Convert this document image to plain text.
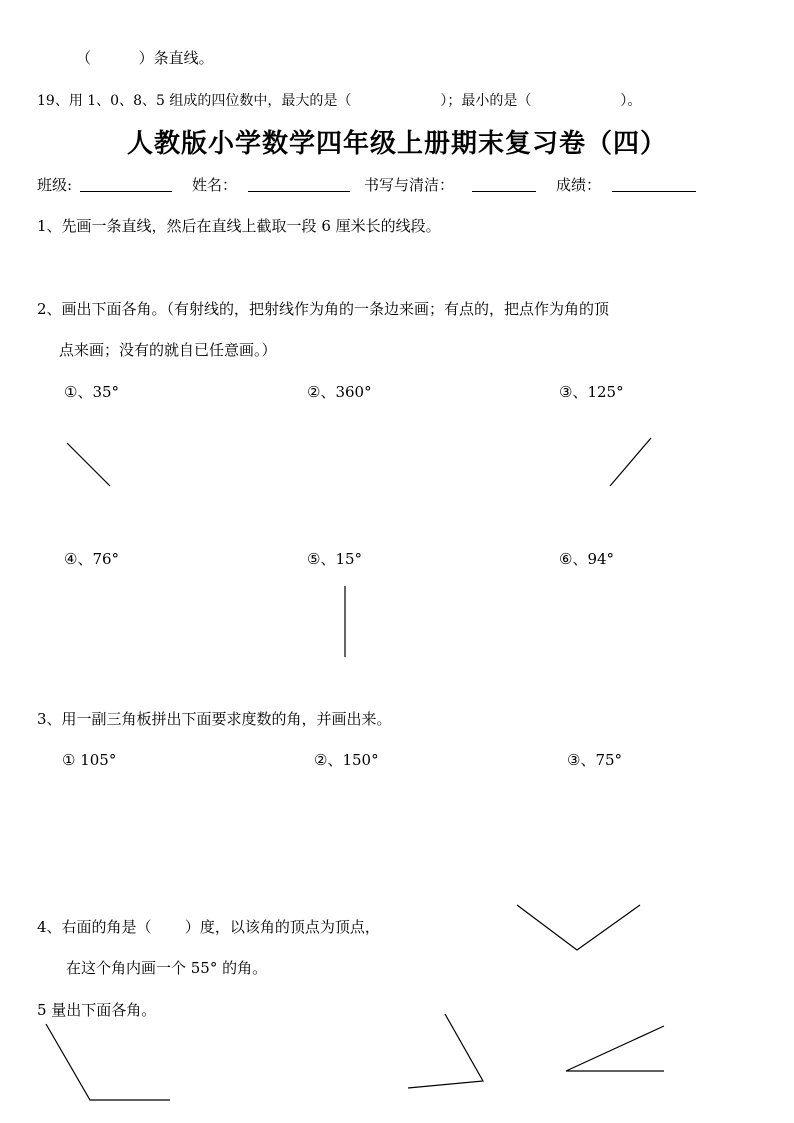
（          ）条直线。
19、用 1、0、8、5 组成的四位数中，最大的是（                    ）；最小的是（                    ）。
人教版小学数学四年级上册期末复习卷（四）
班级:	姓名：	书写与清洁：	成绩：
1、先画一条直线，然后在直线上截取一段 6 厘米长的线段。
2、画出下面各角。（有射线的，把射线作为角的一条边来画；有点的，把点作为角的顶
点来画；没有的就自已任意画。）
①、35°	②、360°	③、125°
④、76°	⑤、15°	⑥、94°
3、用一副三角板拼出下面要求度数的角，并画出来。
① 105°	②、150°	③、75°
4、右面的角是（       ）度，以该角的顶点为顶点，
在这个角内画一个 55° 的角。
5 量出下面各角。
